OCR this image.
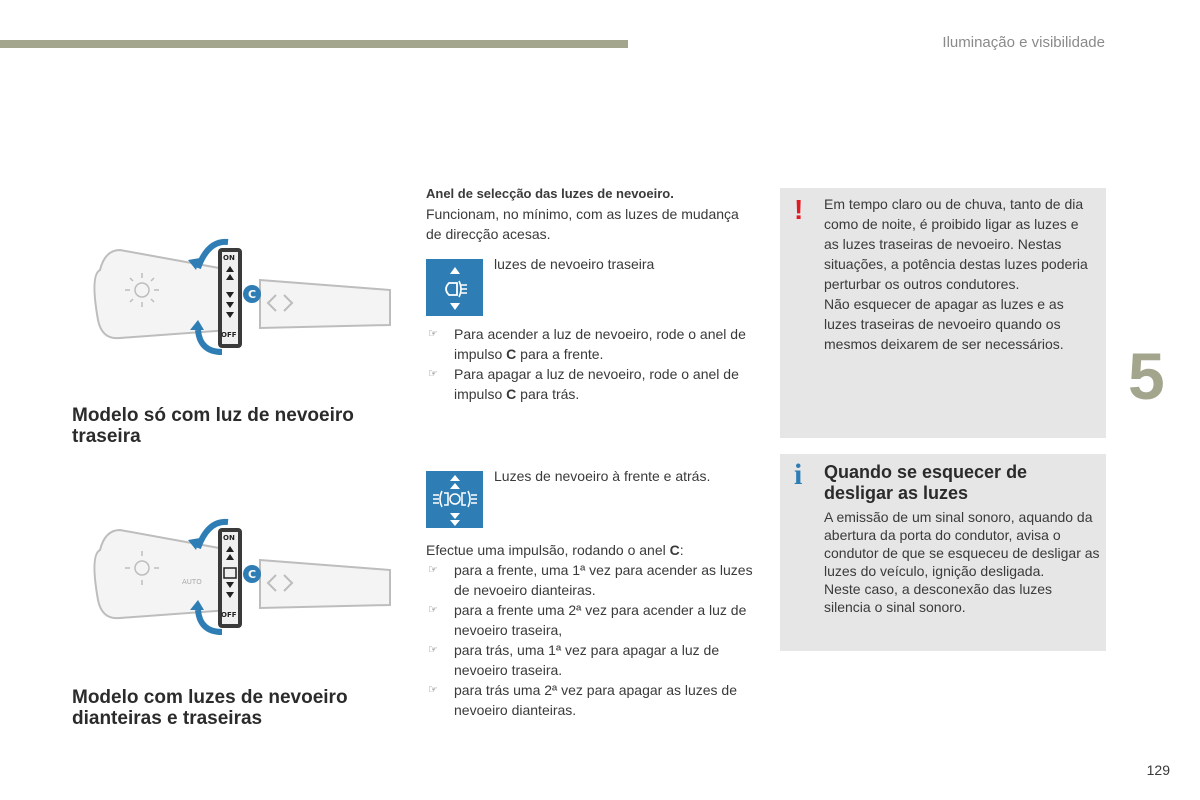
Iluminação e visibilidade
5
ON
OFF
C
Modelo só com luz de nevoeiro traseira
AUTO
ON
OFF
C
Modelo com luzes de nevoeiro dianteiras e traseiras
Anel de selecção das luzes de nevoeiro.
Funcionam, no mínimo, com as luzes de mudança de direcção acesas.
luzes de nevoeiro traseira
☞ Para acender a luz de nevoeiro, rode o anel de impulso C para a frente.
☞ Para apagar a luz de nevoeiro, rode o anel de impulso C para trás.
Luzes de nevoeiro à frente e atrás.
Efectue uma impulsão, rodando o anel C:
☞ para a frente, uma 1ª vez para acender as luzes de nevoeiro dianteiras.
☞ para a frente uma 2ª vez para acender a luz de nevoeiro traseira,
☞ para trás, uma 1ª vez para apagar a luz de nevoeiro traseira.
☞ para trás uma 2ª vez para apagar as luzes de nevoeiro dianteiras.
! Em tempo claro ou de chuva, tanto de dia como de noite, é proibido ligar as luzes e as luzes traseiras de nevoeiro. Nestas situações, a potência destas luzes poderia perturbar os outros condutores.
Não esquecer de apagar as luzes e as luzes traseiras de nevoeiro quando os mesmos deixarem de ser necessários.
i Quando se esquecer de desligar as luzes
A emissão de um sinal sonoro, aquando da abertura da porta do condutor, avisa o condutor de que se esqueceu de desligar as luzes do veículo, ignição desligada.
Neste caso, a desconexão das luzes silencia o sinal sonoro.
129
